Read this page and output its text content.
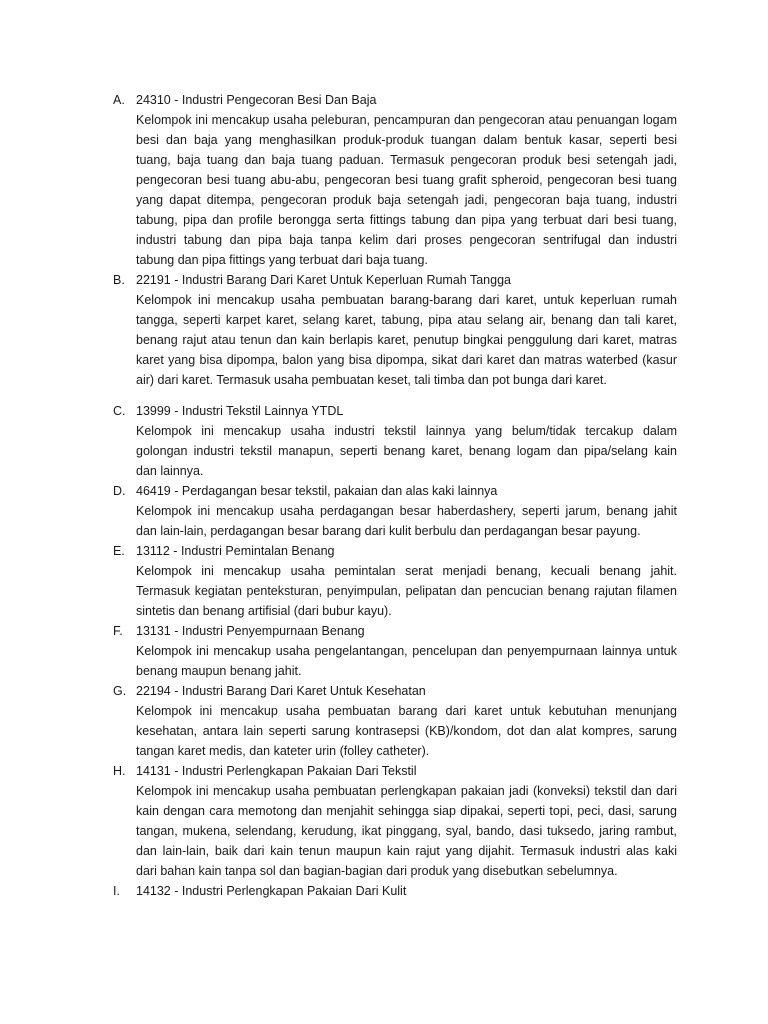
A. 24310 - Industri Pengecoran Besi Dan Baja
Kelompok ini mencakup usaha peleburan, pencampuran dan pengecoran atau penuangan logam
besi dan baja yang menghasilkan produk-produk tuangan dalam bentuk kasar, seperti besi
tuang, baja tuang dan baja tuang paduan. Termasuk pengecoran produk besi setengah jadi,
pengecoran besi tuang abu-abu, pengecoran besi tuang grafit spheroid, pengecoran besi tuang
yang dapat ditempa, pengecoran produk baja setengah jadi, pengecoran baja tuang, industri
tabung, pipa dan profile berongga serta fittings tabung dan pipa yang terbuat dari besi tuang,
industri tabung dan pipa baja tanpa kelim dari proses pengecoran sentrifugal dan industri
tabung dan pipa fittings yang terbuat dari baja tuang.
B. 22191 - Industri Barang Dari Karet Untuk Keperluan Rumah Tangga
Kelompok ini mencakup usaha pembuatan barang-barang dari karet, untuk keperluan rumah
tangga, seperti karpet karet, selang karet, tabung, pipa atau selang air, benang dan tali karet,
benang rajut atau tenun dan kain berlapis karet, penutup bingkai penggulung dari karet, matras
karet yang bisa dipompa, balon yang bisa dipompa, sikat dari karet dan matras waterbed (kasur
air) dari karet. Termasuk usaha pembuatan keset, tali timba dan pot bunga dari karet.
C. 13999 - Industri Tekstil Lainnya YTDL
Kelompok ini mencakup usaha industri tekstil lainnya yang belum/tidak tercakup dalam
golongan industri tekstil manapun, seperti benang karet, benang logam dan pipa/selang kain
dan lainnya.
D. 46419 - Perdagangan besar tekstil, pakaian dan alas kaki lainnya
Kelompok ini mencakup usaha perdagangan besar haberdashery, seperti jarum, benang jahit
dan lain-lain, perdagangan besar barang dari kulit berbulu dan perdagangan besar payung.
E. 13112 - Industri Pemintalan Benang
Kelompok ini mencakup usaha pemintalan serat menjadi benang, kecuali benang jahit.
Termasuk kegiatan penteksturan, penyimpulan, pelipatan dan pencucian benang rajutan filamen
sintetis dan benang artifisial (dari bubur kayu).
F. 13131 - Industri Penyempurnaan Benang
Kelompok ini mencakup usaha pengelantangan, pencelupan dan penyempurnaan lainnya untuk
benang maupun benang jahit.
G. 22194 - Industri Barang Dari Karet Untuk Kesehatan
Kelompok ini mencakup usaha pembuatan barang dari karet untuk kebutuhan menunjang
kesehatan, antara lain seperti sarung kontrasepsi (KB)/kondom, dot dan alat kompres, sarung
tangan karet medis, dan kateter urin (folley catheter).
H. 14131 - Industri Perlengkapan Pakaian Dari Tekstil
Kelompok ini mencakup usaha pembuatan perlengkapan pakaian jadi (konveksi) tekstil dan dari
kain dengan cara memotong dan menjahit sehingga siap dipakai, seperti topi, peci, dasi, sarung
tangan, mukena, selendang, kerudung, ikat pinggang, syal, bando, dasi tuksedo, jaring rambut,
dan lain-lain, baik dari kain tenun maupun kain rajut yang dijahit. Termasuk industri alas kaki
dari bahan kain tanpa sol dan bagian-bagian dari produk yang disebutkan sebelumnya.
I. 14132 - Industri Perlengkapan Pakaian Dari Kulit
